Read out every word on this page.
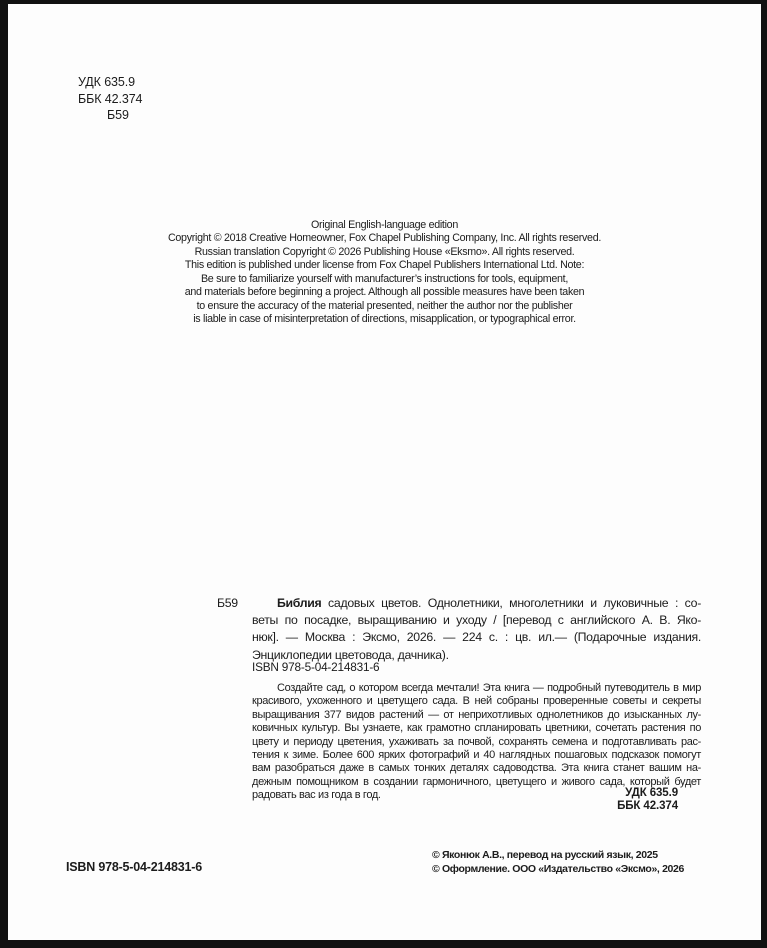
УДК 635.9
ББК 42.374
Б59
Original English-language edition
Copyright © 2018 Creative Homeowner, Fox Chapel Publishing Company, Inc. All rights reserved.
Russian translation Copyright © 2026 Publishing House «Eksmo». All rights reserved.
This edition is published under license from Fox Chapel Publishers International Ltd. Note:
Be sure to familiarize yourself with manufacturer’s instructions for tools, equipment,
and materials before beginning a project. Although all possible measures have been taken
to ensure the accuracy of the material presented, neither the author nor the publisher
is liable in case of misinterpretation of directions, misapplication, or typographical error.
Б59	Библия садовых цветов. Однолетники, многолетники и луковичные : со-
веты по посадке, выращиванию и уходу / [перевод с английского А. В. Яко-
нюк]. — Москва : Эксмо, 2026. — 224 с. : цв. ил.— (Подарочные издания.
Энциклопедии цветовода, дачника).
ISBN 978-5-04-214831-6
Создайте сад, о котором всегда мечтали! Эта книга — подробный путеводитель в мир
красивого, ухоженного и цветущего сада. В ней собраны проверенные советы и секреты
выращивания 377 видов растений — от неприхотливых однолетников до изысканных лу-
ковичных культур. Вы узнаете, как грамотно спланировать цветники, сочетать растения по
цвету и периоду цветения, ухаживать за почвой, сохранять семена и подготавливать рас-
тения к зиме. Более 600 ярких фотографий и 40 наглядных пошаговых подсказок помогут
вам разобраться даже в самых тонких деталях садоводства. Эта книга станет вашим на-
дежным помощником в создании гармоничного, цветущего и живого сада, который будет
радовать вас из года в год.	УДК 635.9
ББК 42.374
ISBN 978-5-04-214831-6
© Яконюк А.В., перевод на русский язык, 2025
© Оформление. ООО «Издательство «Эксмо», 2026
